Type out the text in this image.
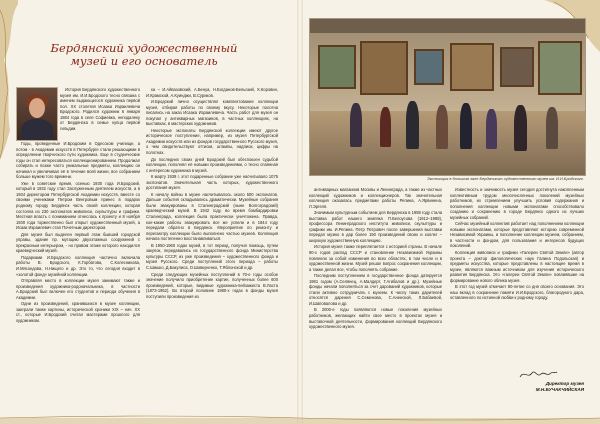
Бердянский художественный музей и его основатель

История Бердянского художественного музея им. И.И.Бродского тесно связана с именем выдающегося художника первой пол. XX столетия Исаака Израилевича Бродского. Родился художник 6 января 1884 года в селе Софиевка, неподалеку от Бердянска в семье купца первой гильдии.

Годы, проведенные И.Бродским в Одесском училище, а потом - в Академии искусств в Петербурге стали решающими в определении творческого пути художника. Еще в студенческие годы он стал интересоваться коллекционированием. Продолжал собирать и позже часто уникальные предметы, коллекцию он начинал и увеличивал её в течение всей жизни, все собранием больше мужем того времени.

Уже в советские время, осенью 1930 года И.Бродский, который в 1932 году стал Заслуженным деятелем искусств, а в 1934 директором Петербургской Академии искусств, вместе со своими учениками Петром Венгровым принес в подарок родному городу Бердянск часть своей коллекции, которая состояла из 230 экспонатов живописи, скульптуры и графики. Местная власть с пониманием отнеслась к проекту и 8 ноября 1930 года торжественно был открыт художественный музей, а Исаак Израилевич стал Почетным директором.

Для музея был выделен первый этаж бывшей городской управы, здание пр. мутацию двухэтажных сооружений с прекрасным интерьером, - но правом этаже которого находился краеведческий музей.

Подарками И.Бродского коллекция частично включала работы В. Бродского, К.Горбатова, С.Колесникова, И.Мясоедова, Н.Нищего и др. Это то, что сегодня входит в «золотой фонд» музейной коллекции.

Отправляя место в коллекции музея занимают также и произведения художника-родоначальника, в частности А.Бродский был включен его студентов и периода обучения в Академии.

Одни из произведений, хранившихся в музее коллекции, заиграли также картины, исторической хроники XIX – нач. XX ст., которые И.Бродский считал мастерами прошлого для художником.

ка – И.Айвазовский, А.Бенуа, Н.Богданов-Бельский, К.Коровин, И.Крамской, А.Куинджи, В.Суриков.

И.Бродский лично осуществлял комплектование коллекции музея, отбирая работы по своему вкусу. Некоторые полотна писались на заказ Исаака Израилевича. Часть работ для музея он покупал у антикварных магазинов, в частных коллекциях, на выставках, в мастерских художников.

Некоторые экспонаты Бердянской коллекции имеют другое историческое поступление, например, из музея Петербургской Академии искусств или из фондов государственного Русского музея, о чем свидетельствуют оттиски, штампы, надписи, цифры на полотнах.

До последних своих дней Бродский был обеспокоен судьбой коллекции, пополнял её новыми произведениями, о тесно спаянная с интересом художника в музей.

К марту 1939 г. этот подаренные собрание уже насчитывало 1075 экспонатов. Значительная часть которых, художественного достигания музея.

К началу войны в музее насчитывалось около 500 экспонатов. Дальше события складывались драматически. Музейные собрания были эвакуированы в Сталинградский (ныне Волгоградский) краеведческий музей. В 1942 году, во время бомбардировки Сталинграда, коллекция была практически уничтожена. Правда, кое-какие работы эвакуировать все же успели и в 1944 году передали обратно в Бердянск. Мероприятие по ремонту и пересмотру коллекции было выполнено частью музеев. Коллекция начала постепенно восстанавливаться.

В 1950-1960 годах музей, в тот период, получил помощь, путем закупок, передавались из государственного фонда Министерства культуры СССР, из уже произведения – художественного фонда и музея Русского. Среди поступлений этого периода – работы С.Шишко, Д.Бакулиса, О.Шовкуненко, Т.Яблонской и др.

Среди следующих музейных поступлений в 70-е годы особое значение получило приобретение картин, полученных более 600 произведений, которые, видимые художника-пейзажиста В.Ласта (1873-1952). Во второй половине 1980-х годах в фонды музея поступили произведения из

Экспозиция в большом зале Бердянского художественного музея им. И.И.Бродского.

антикварных магазинов Москвы и Ленинграда, а также из частных коллекций художников и коллекционеров. Так значительная коллекция оказалась предметами работы Репина, А.Ярвинена, Л.Эргеля.

Значимым культурным событием для Бердянска в 1988 году стала выставка работ нашего земляка П.Белоусова (1912–1989), профессора Ленинградского института живописи, скульптуры и графики им. И.Репина. Петр Петрович после завершения выставки передал музею в дар более 150 произведений своих и коллег – широкую художественную коллекцию.

История музея также переплетается с историей страны. В начале 90-х годов распад СССР и становление Независимой Украины повлекли за собой изменения во всех областях, в том числе и в художественной жизни. Музей решал вопрос сохранения коллекции, а также делал все, чтобы пополнять собрание.

Последним поступлением в государственное фонда датируется 1981 годом (А.Селянец, А.Малдерт, Г.Агибалов и др.). Музейные фонды начали пополняться за счет дарований художников, которые стали активно сотрудничать с музеем. К числу таких дарителей относятся дарения С.Семенова, С.Аненской, Л.Бабаевой, И.Шаповалова и др.

В 2000-е годы появляются новые поколения музейных работников, желающих найти свое место в проектах музея и выставочной деятельности, формирования коллекций Бердянского художественного музея.

Известность и значимость музея сегодня достигнута накопленным коллективным трудом многочисленных поколений музейных работников, их стремлением улучшить условия содержания и пополнения коллекции новыми экспонатами способствовало созданию и сохранению в городе Бердянск одного из лучших музейных собраний.

Сейчас музейный коллектив работает над пополнением коллекции новыми экспонатами, которые представляют историю современной Независимой Украины, и пополнение коллекции музеем, собранием, в частности и фондом, для пользования и интересов будущих поколений.

Коллекция живописи и графики «Галереи Святой Земли» (автор проекта – доктор филологических наук Галина Подольская) и предметы искусства, которые представлены в настоящее время в музее, являются важным источником для изучения исторического развития Бердянска. Это «галереи Святой Земли» повлиявшие на формирование нового облика музея.

В этот год музей отмечает 80-летие со дня своего основания. Это наш вклад в сохранение памяти И.И.Бродского, благородного дара, оставленного по истинной любви к родному городу.

Директор музея
М.Н.БУЧАКЧИЙСКАЯ
